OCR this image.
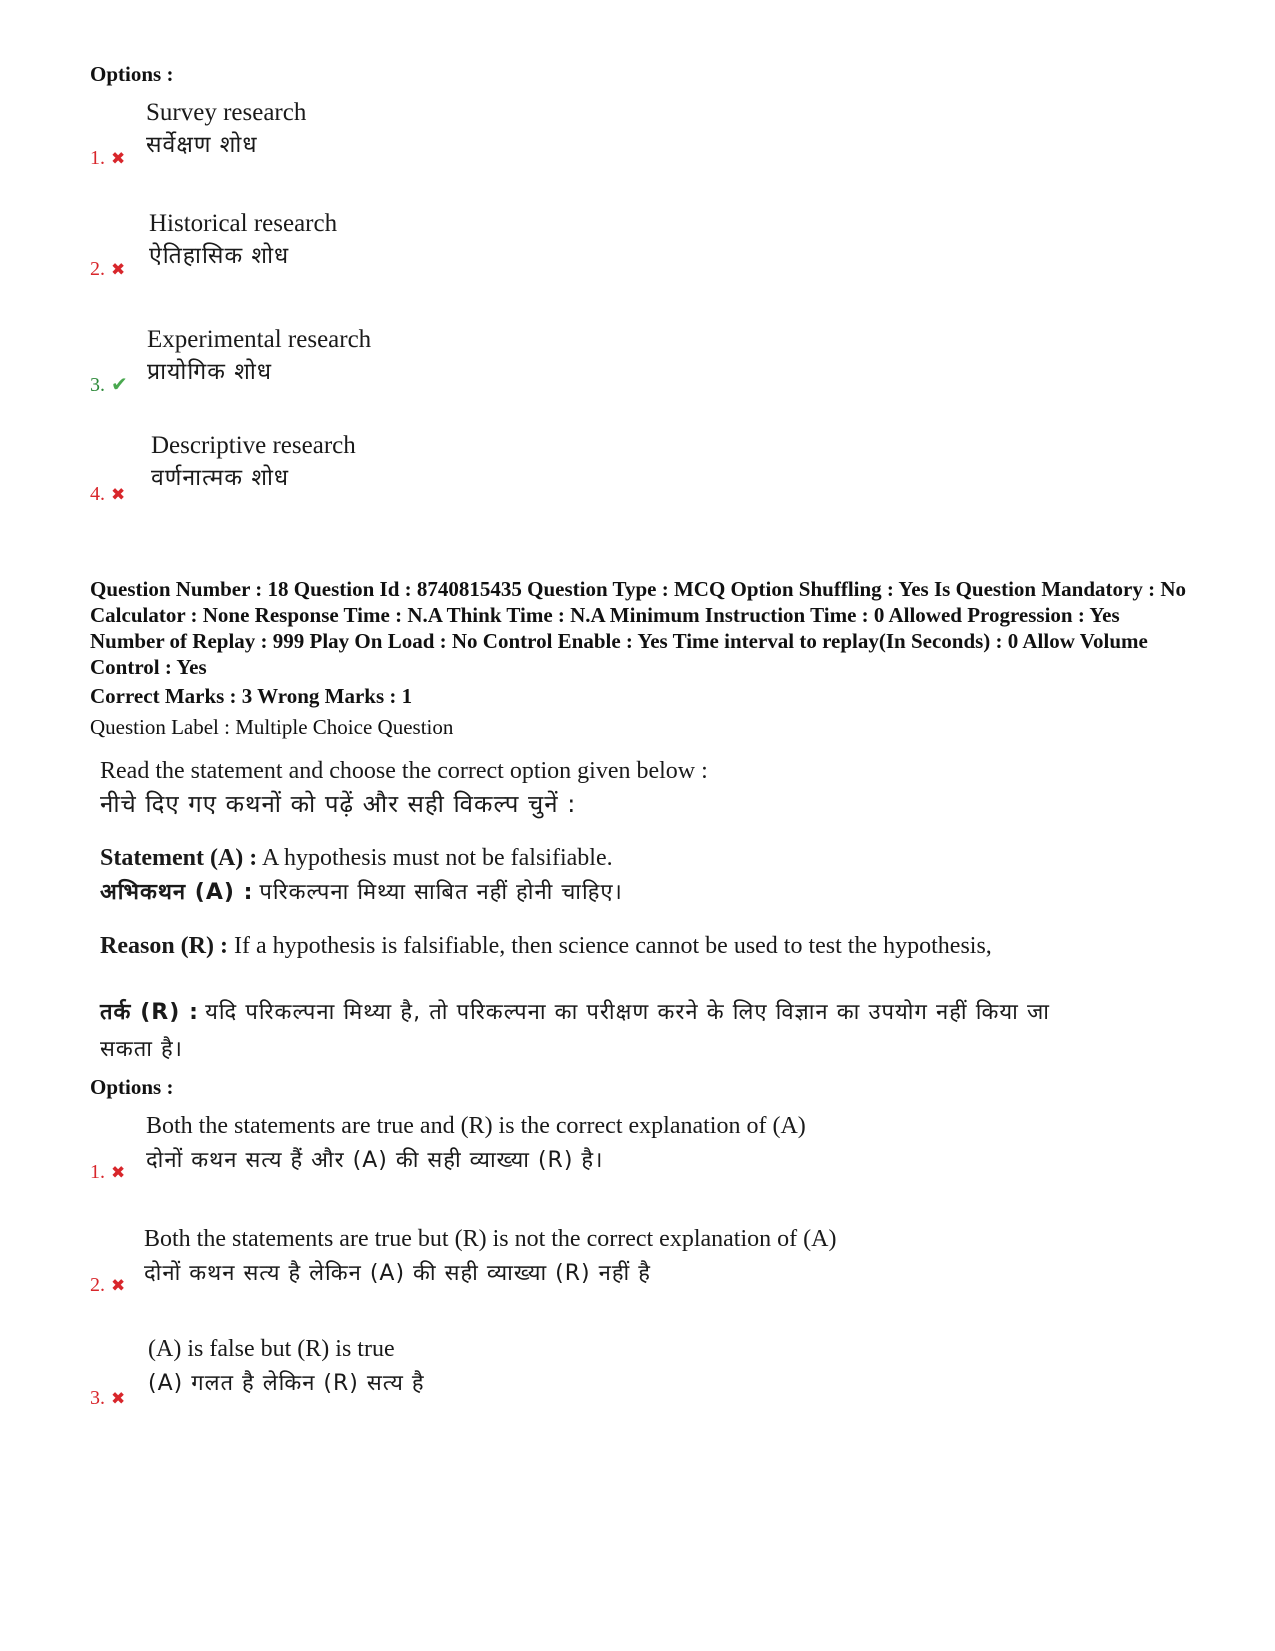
Options :
Survey research
सर्वेक्षण शोध
1. ✖
Historical research
ऐतिहासिक शोध
2. ✖
Experimental research
प्रायोगिक शोध
3. ✔
Descriptive research
वर्णनात्मक शोध
4. ✖
Question Number : 18 Question Id : 8740815435 Question Type : MCQ Option Shuffling : Yes Is Question Mandatory : No Calculator : None Response Time : N.A Think Time : N.A Minimum Instruction Time : 0 Allowed Progression : Yes Number of Replay : 999 Play On Load : No Control Enable : Yes Time interval to replay(In Seconds) : 0 Allow Volume Control : Yes
Correct Marks : 3 Wrong Marks : 1
Question Label : Multiple Choice Question
Read the statement and choose the correct option given below :
नीचे दिए गए कथनों को पढ़ें और सही विकल्प चुनें :
Statement (A) : A hypothesis must not be falsifiable.
अभिकथन (A) : परिकल्पना मिथ्या साबित नहीं होनी चाहिए।
Reason (R) : If a hypothesis is falsifiable, then science cannot be used to test the hypothesis,
तर्क (R) : यदि परिकल्पना मिथ्या है, तो परिकल्पना का परीक्षण करने के लिए विज्ञान का उपयोग नहीं किया जा सकता है।
Options :
Both the statements are true and (R) is the correct explanation of (A)
दोनों कथन सत्य हैं और (A) की सही व्याख्या (R) है।
1. ✖
Both the statements are true but (R) is not the correct explanation of (A)
दोनों कथन सत्य है लेकिन (A) की सही व्याख्या (R) नहीं है
2. ✖
(A) is false but (R) is true
(A) गलत है लेकिन (R) सत्य है
3. ✖
